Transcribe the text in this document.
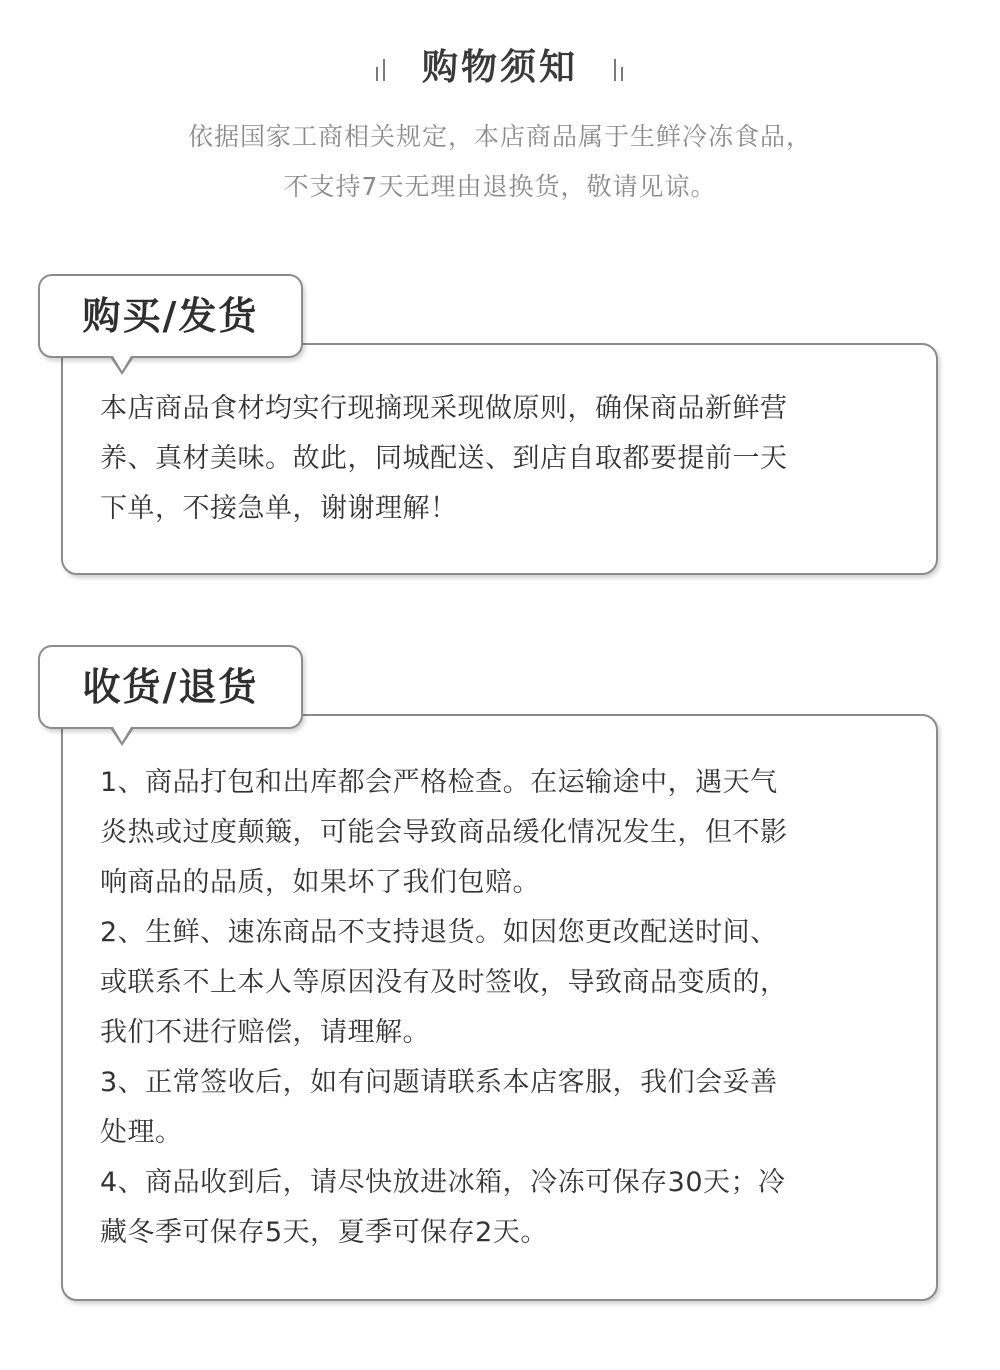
购物须知

依据国家工商相关规定，本店商品属于生鲜冷冻食品，

不支持7天无理由退换货，敬请见谅。

购买/发货

本店商品食材均实行现摘现采现做原则，确保商品新鲜营

养、真材美味。故此，同城配送、到店自取都要提前一天

下单，不接急单，谢谢理解！

收货/退货

1、商品打包和出库都会严格检查。在运输途中，遇天气

炎热或过度颠簸，可能会导致商品缓化情况发生，但不影

响商品的品质，如果坏了我们包赔。

2、生鲜、速冻商品不支持退货。如因您更改配送时间、

或联系不上本人等原因没有及时签收，导致商品变质的，

我们不进行赔偿，请理解。

3、正常签收后，如有问题请联系本店客服，我们会妥善

处理。

4、商品收到后，请尽快放进冰箱，冷冻可保存30天；冷

藏冬季可保存5天，夏季可保存2天。
